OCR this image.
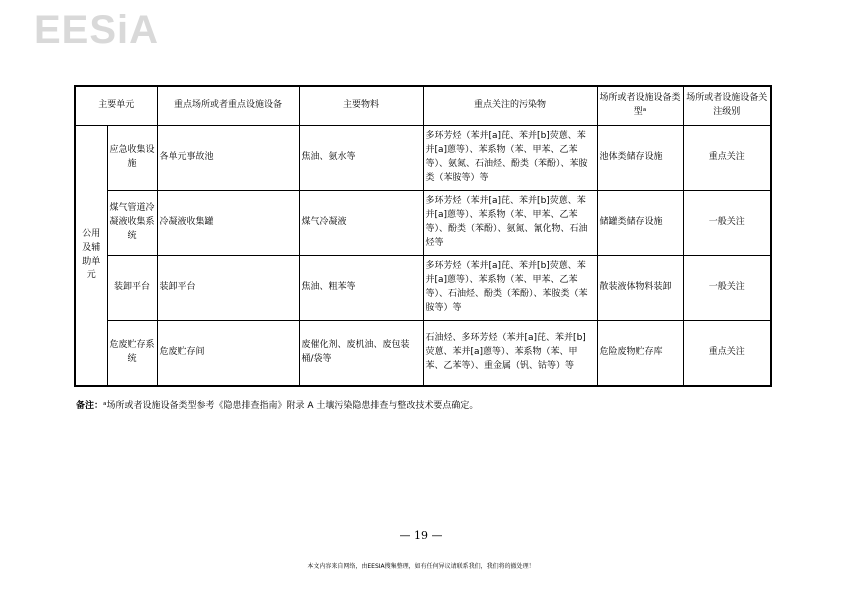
EESiA
主要单元		重点场所或者重点设施设备	主要物料	重点关注的污染物	场所或者设施设备类型ᵃ	场所或者设施设备关注级别
公用及辅助单元	应急收集设施	各单元事故池	焦油、氨水等	多环芳烃（苯并[a]芘、苯并[b]荧蒽、苯并[a]蒽等）、苯系物（苯、甲苯、乙苯等）、氨氮、石油烃、酚类（苯酚）、苯胺类（苯胺等）等	池体类储存设施	重点关注
	煤气管道冷凝液收集系统	冷凝液收集罐	煤气冷凝液	多环芳烃（苯并[a]芘、苯并[b]荧蒽、苯并[a]蒽等）、苯系物（苯、甲苯、乙苯等）、酚类（苯酚）、氨氮、氰化物、石油烃等	储罐类储存设施	一般关注
	装卸平台	装卸平台	焦油、粗苯等	多环芳烃（苯并[a]芘、苯并[b]荧蒽、苯并[a]蒽等）、苯系物（苯、甲苯、乙苯等）、石油烃、酚类（苯酚）、苯胺类（苯胺等）等	散装液体物料装卸	一般关注
	危废贮存系统	危废贮存间	废催化剂、废机油、废包装桶/袋等	石油烃、多环芳烃（苯并[a]芘、苯并[b]荧蒽、苯并[a]蒽等）、苯系物（苯、甲苯、乙苯等）、重金属（钒、钴等）等	危险废物贮存库	重点关注
备注：ᵃ场所或者设施设备类型参考《隐患排查指南》附录 A 土壤污染隐患排查与整改技术要点确定。
— 19 —
本文内容来自网络，由EESIA搜集整理，如有任何异议请联系我们，我们将的撤处理！
